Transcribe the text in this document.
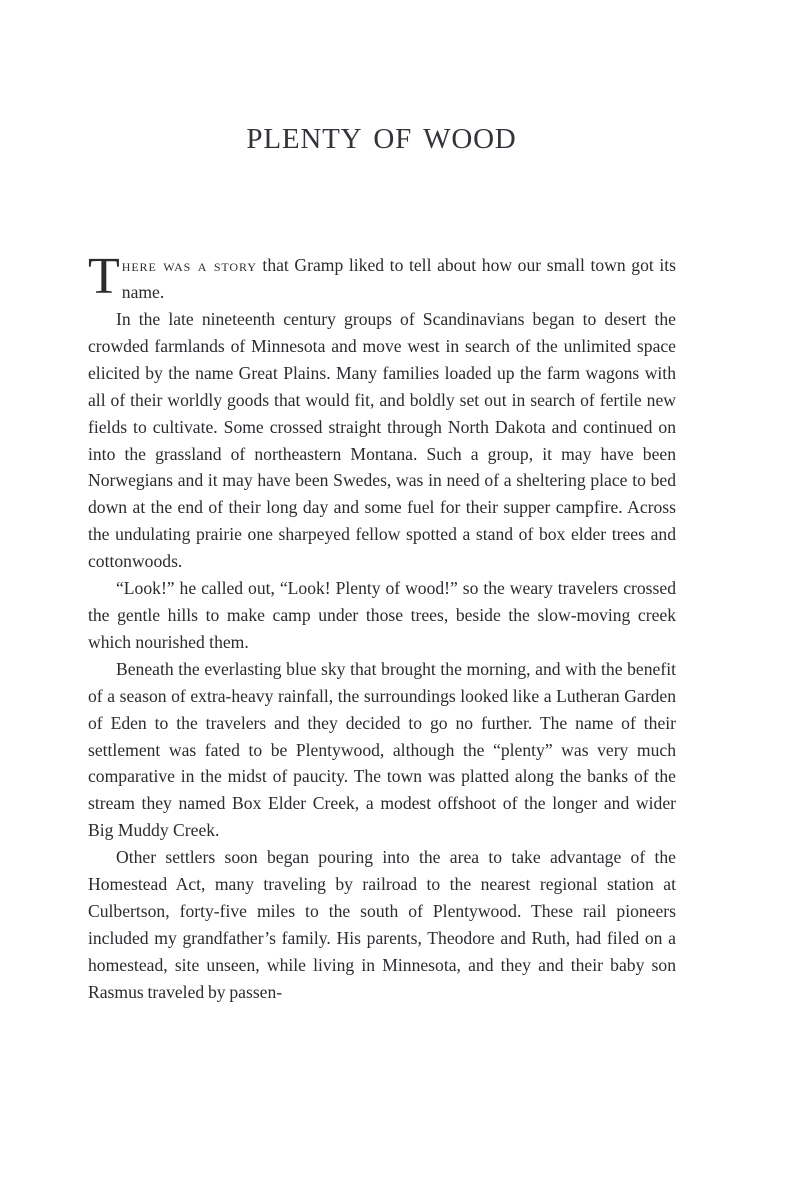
plenty of wood

There was a story that Gramp liked to tell about how our small town got its name.

In the late nineteenth century groups of Scandinavians began to desert the crowded farmlands of Minnesota and move west in search of the unlimited space elicited by the name Great Plains. Many families loaded up the farm wagons with all of their worldly goods that would fit, and boldly set out in search of fertile new fields to cultivate. Some crossed straight through North Dakota and continued on into the grassland of northeastern Montana. Such a group, it may have been Norwegians and it may have been Swedes, was in need of a sheltering place to bed down at the end of their long day and some fuel for their supper campfire. Across the undulating prairie one sharpeyed fellow spotted a stand of box elder trees and cottonwoods.

“Look!” he called out, “Look! Plenty of wood!” so the weary travelers crossed the gentle hills to make camp under those trees, beside the slow-moving creek which nourished them.

Beneath the everlasting blue sky that brought the morning, and with the benefit of a season of extra-heavy rainfall, the surroundings looked like a Lutheran Garden of Eden to the travelers and they decided to go no further. The name of their settlement was fated to be Plentywood, although the “plenty” was very much comparative in the midst of paucity. The town was platted along the banks of the stream they named Box Elder Creek, a modest offshoot of the longer and wider Big Muddy Creek.

Other settlers soon began pouring into the area to take advantage of the Homestead Act, many traveling by railroad to the nearest regional station at Culbertson, forty-five miles to the south of Plentywood. These rail pioneers included my grandfather’s family. His parents, Theodore and Ruth, had filed on a homestead, site unseen, while living in Minnesota, and they and their baby son Rasmus traveled by passen-
